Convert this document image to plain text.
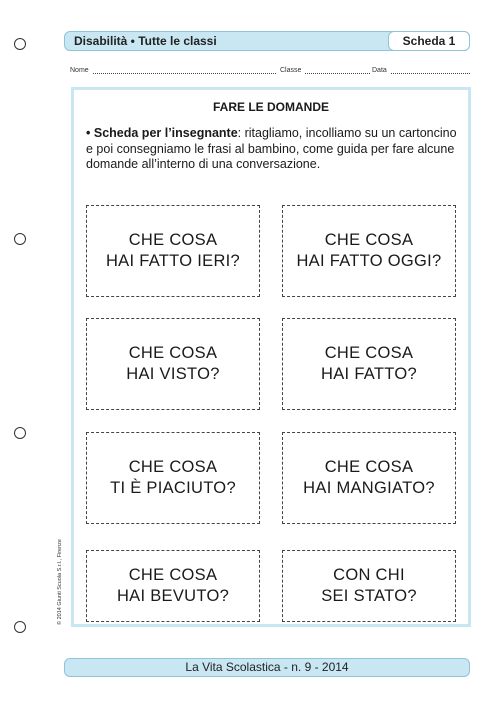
Disabilità • Tutte le classi	Scheda 1
Nome	Classe	Data
FARE LE DOMANDE
• Scheda per l’insegnante: ritagliamo, incolliamo su un cartoncino e poi consegniamo le frasi al bambino, come guida per fare alcune domande all’interno di una conversazione.
CHE COSA
HAI FATTO IERI?
CHE COSA
HAI FATTO OGGI?
CHE COSA
HAI VISTO?
CHE COSA
HAI FATTO?
CHE COSA
TI È PIACIUTO?
CHE COSA
HAI MANGIATO?
CHE COSA
HAI BEVUTO?
CON CHI
SEI STATO?
© 2014 Giunti Scuola S.r.l., Firenze
La Vita Scolastica - n. 9 - 2014
